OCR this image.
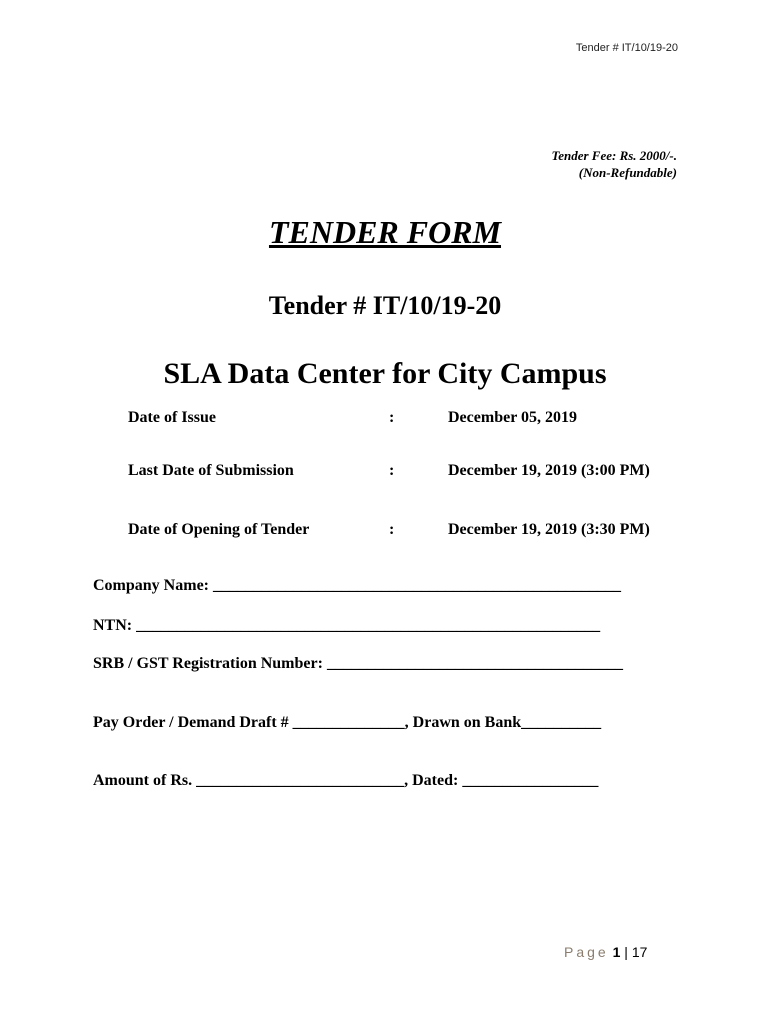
Tender # IT/10/19-20
Tender Fee: Rs. 2000/-.
(Non-Refundable)
TENDER FORM
Tender # IT/10/19-20
SLA Data Center for City Campus
Date of Issue	:	December 05, 2019
Last Date of Submission	:	December 19, 2019 (3:00 PM)
Date of Opening of Tender	:	December 19, 2019 (3:30 PM)
Company Name: ___________________________________________________
NTN: __________________________________________________________
SRB / GST Registration Number: _____________________________________
Pay Order / Demand Draft # ______________, Drawn on Bank__________
Amount of Rs. __________________________, Dated: _________________
Page 1 | 17
